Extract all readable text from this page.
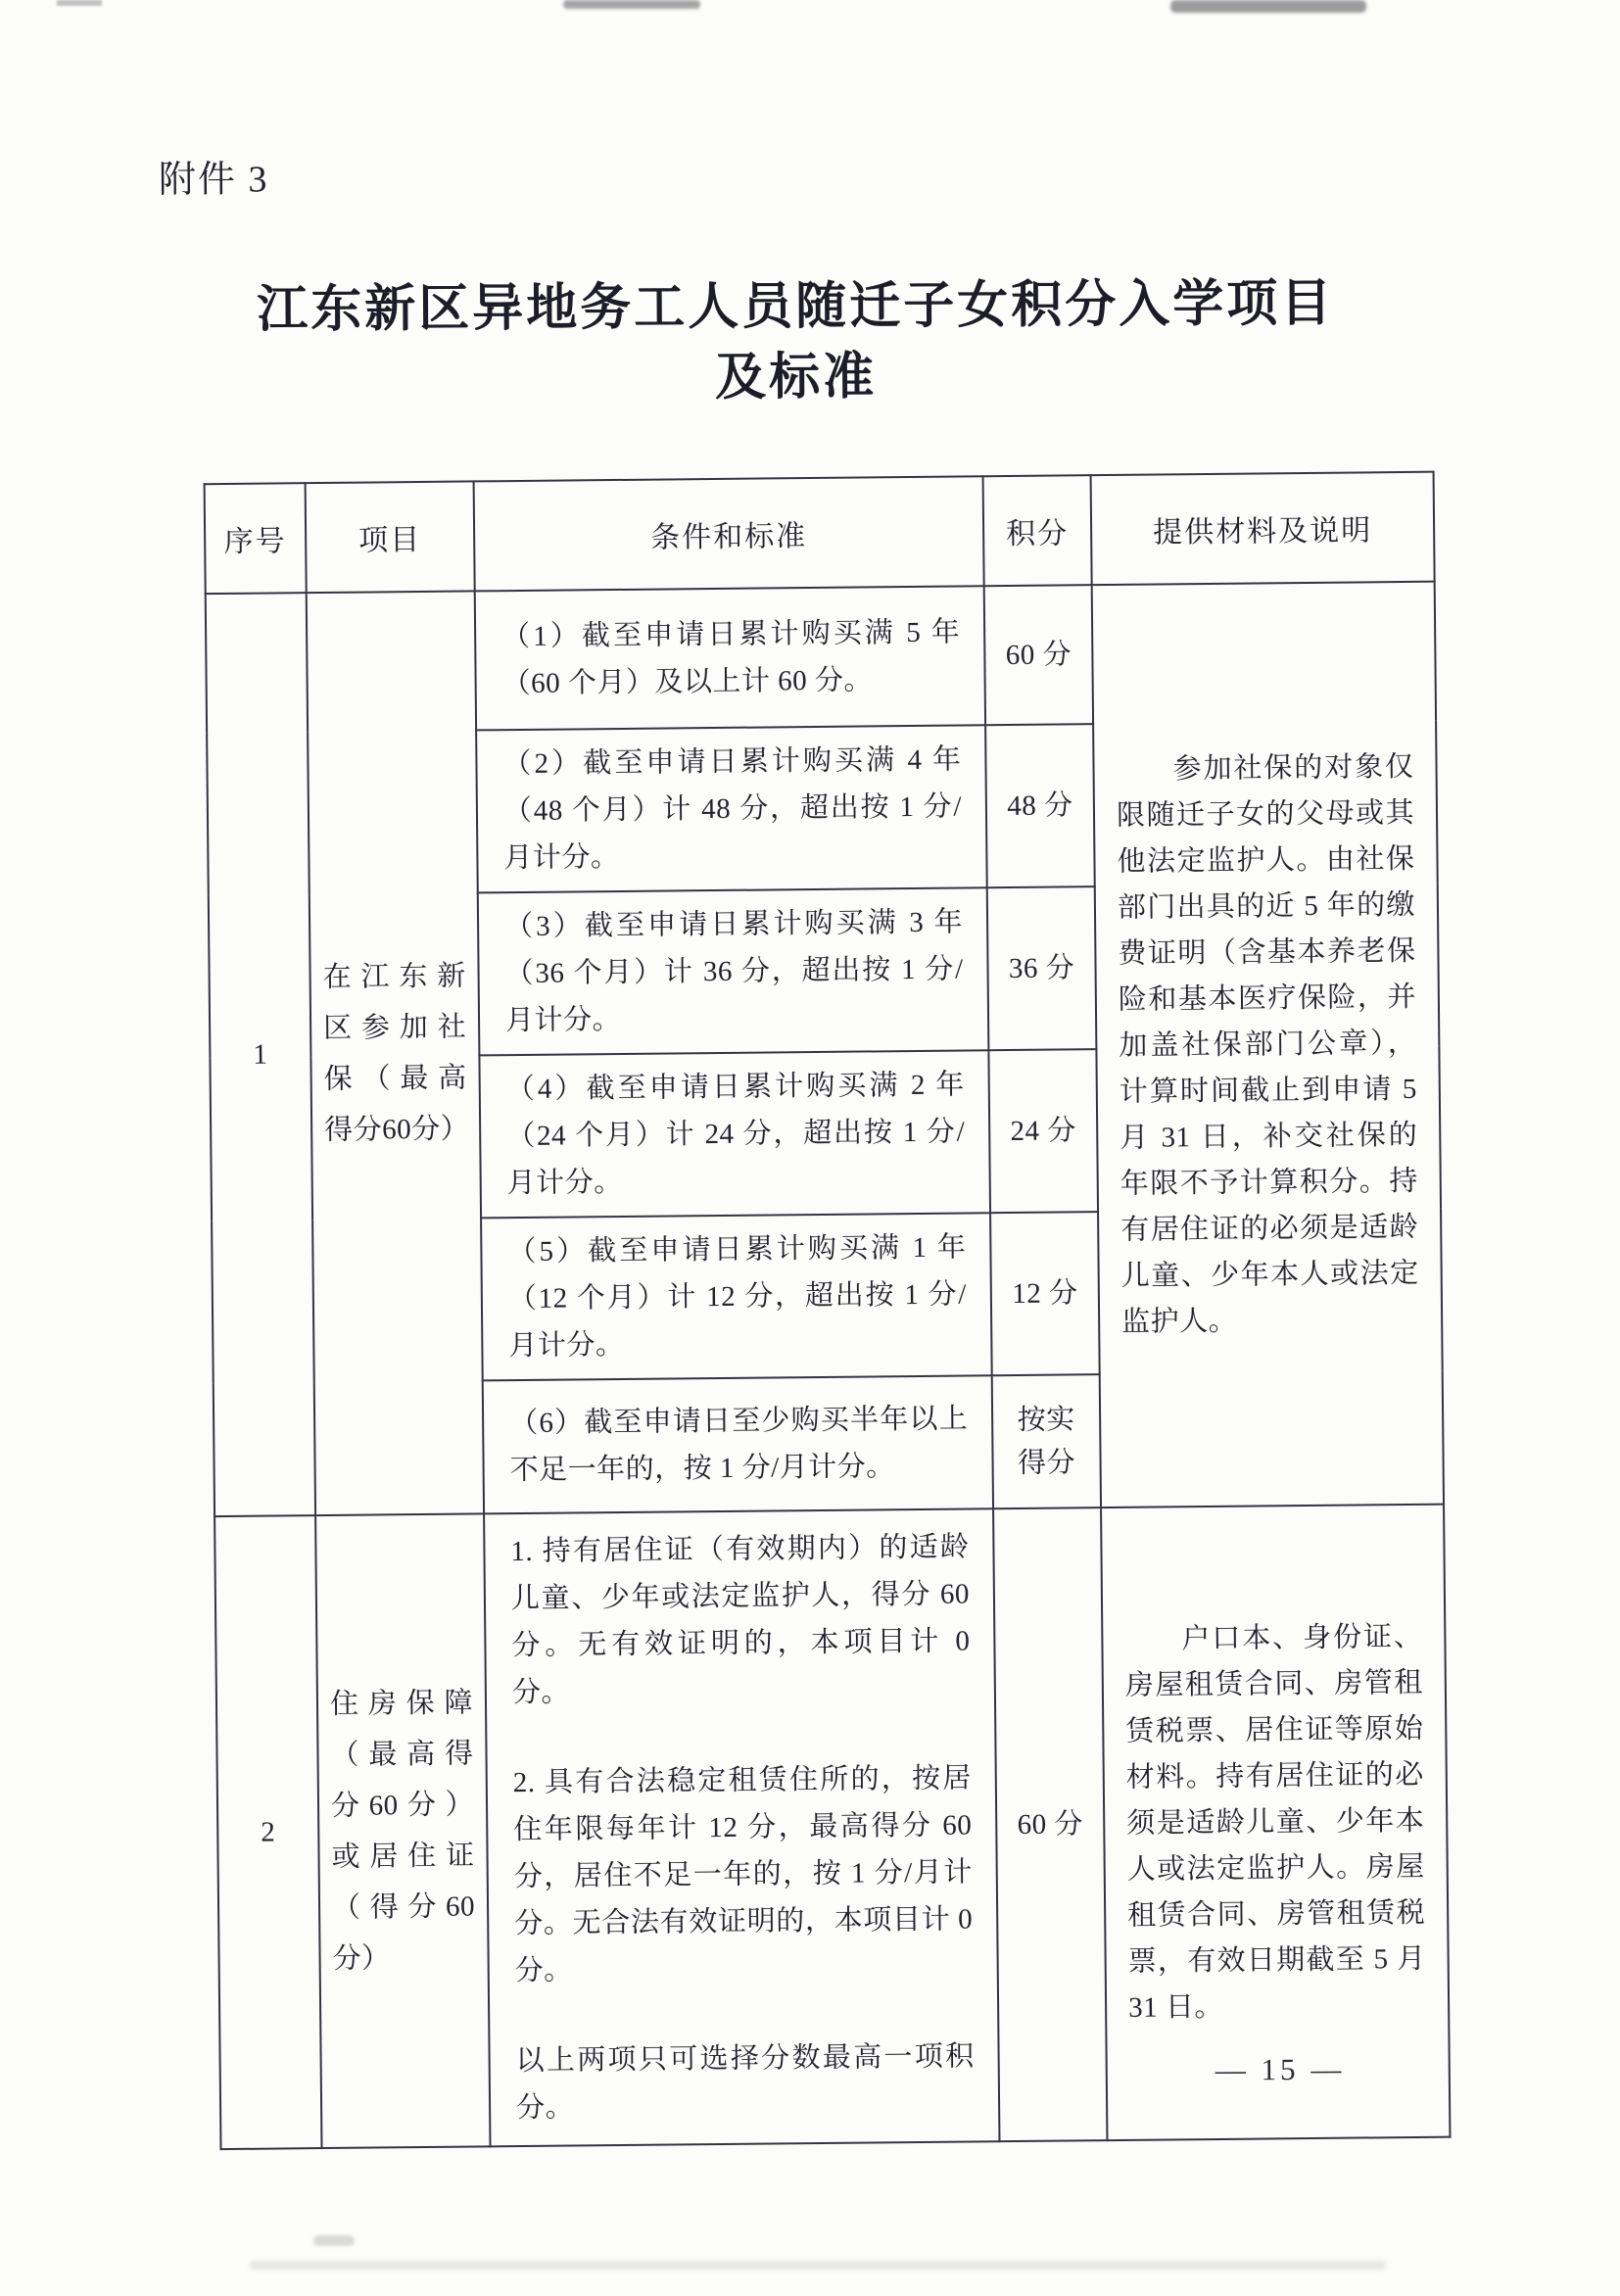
附件 3
江东新区异地务工人员随迁子女积分入学项目
及标准
序号	项目	条件和标准	积分	提供材料及说明
1	在江东新区参加社保（最高得分60分）	（1）截至申请日累计购买满 5 年（60 个月）及以上计 60 分。	60 分	参加社保的对象仅限随迁子女的父母或其他法定监护人。由社保部门出具的近 5 年的缴费证明（含基本养老保险和基本医疗保险，并加盖社保部门公章），计算时间截止到申请 5 月 31 日，补交社保的年限不予计算积分。持有居住证的必须是适龄儿童、少年本人或法定监护人。

		（2）截至申请日累计购买满 4 年（48 个月）计 48 分，超出按 1 分/月计分。	48 分	
		（3）截至申请日累计购买满 3 年（36 个月）计 36 分，超出按 1 分/月计分。	36 分	
		（4）截至申请日累计购买满 2 年（24 个月）计 24 分，超出按 1 分/月计分。	24 分	
		（5）截至申请日累计购买满 1 年（12 个月）计 12 分，超出按 1 分/月计分。	12 分	
		（6）截至申请日至少购买半年以上不足一年的，按 1 分/月计分。	按实得分	
2	住房保障（最高得分60分）或居住证（得分60分）	1. 持有居住证（有效期内）的适龄儿童、少年或法定监护人，得分 60 分。无有效证明的，本项目计 0 分。

2. 具有合法稳定租赁住所的，按居住年限每年计 12 分，最高得分 60 分，居住不足一年的，按 1 分/月计分。无合法有效证明的，本项目计 0 分。

以上两项只可选择分数最高一项积分。	60 分	户口本、身份证、房屋租赁合同、房管租赁税票、居住证等原始材料。持有居住证的必须是适龄儿童、少年本人或法定监护人。房屋租赁合同、房管租赁税票，有效日期截至 5 月 31 日。

— 15 —
